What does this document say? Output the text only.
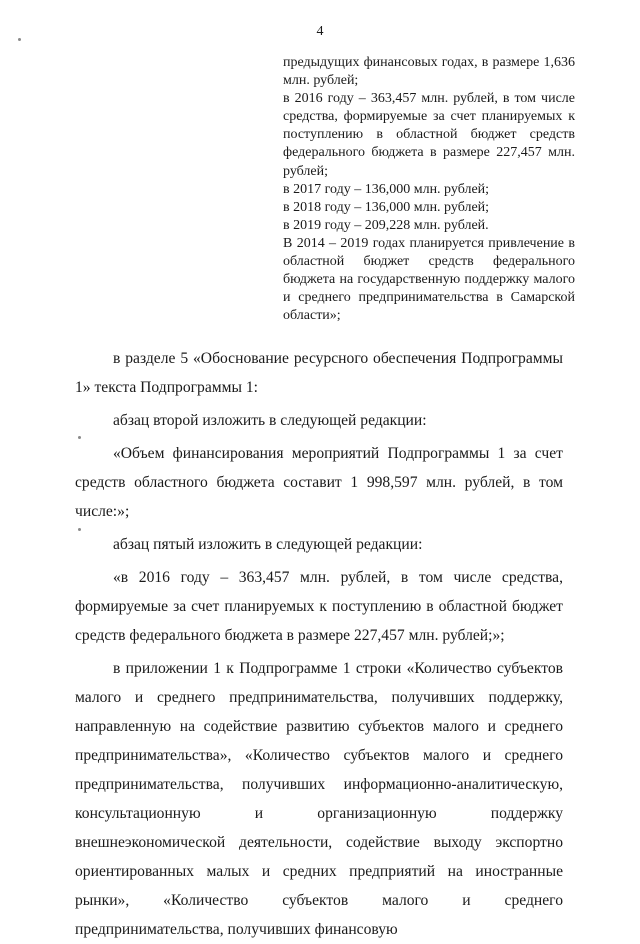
4

предыдущих финансовых годах, в размере 1,636 млн. рублей;

в 2016 году – 363,457 млн. рублей, в том числе средства, формируемые за счет планируемых к поступлению в областной бюджет средств федерального бюджета в размере 227,457 млн. рублей;

в 2017 году – 136,000 млн. рублей;

в 2018 году – 136,000 млн. рублей;

в 2019 году – 209,228 млн. рублей.

В 2014 – 2019 годах планируется привлечение в областной бюджет средств федерального бюджета на государственную поддержку малого и среднего предпринимательства в Самарской области»;

в разделе 5 «Обоснование ресурсного обеспечения Подпрограммы 1» текста Подпрограммы 1:

абзац второй изложить в следующей редакции:

«Объем финансирования мероприятий Подпрограммы 1 за счет средств областного бюджета составит 1 998,597 млн. рублей, в том числе:»;

абзац пятый изложить в следующей редакции:

«в 2016 году – 363,457 млн. рублей, в том числе средства, формируемые за счет планируемых к поступлению в областной бюджет средств федерального бюджета в размере 227,457 млн. рублей;»;

в приложении 1 к Подпрограмме 1 строки «Количество субъектов малого и среднего предпринимательства, получивших поддержку, направленную на содействие развитию субъектов малого и среднего предпринимательства», «Количество субъектов малого и среднего предпринимательства, получивших информационно-аналитическую, консультационную и организационную поддержку внешнеэкономической деятельности, содействие выходу экспортно ориентированных малых и средних предприятий на иностранные рынки», «Количество субъектов малого и среднего предпринимательства, получивших финансовую
